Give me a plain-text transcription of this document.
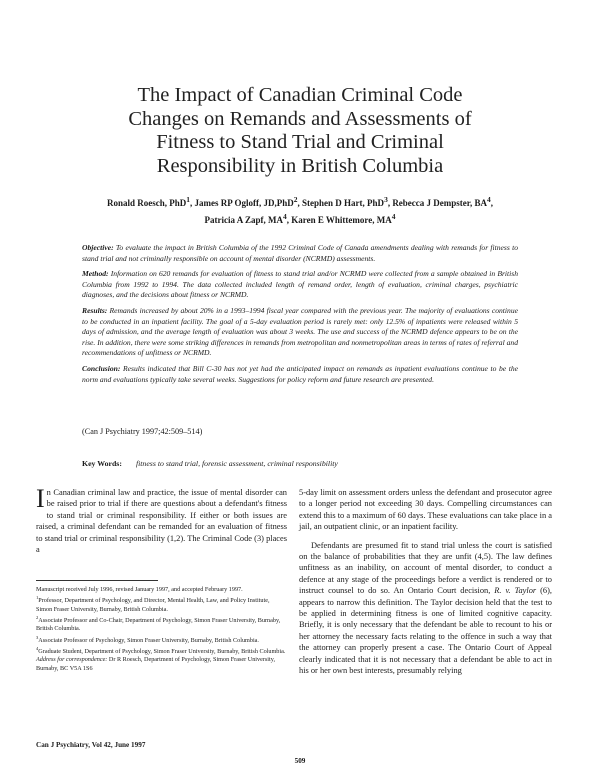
The Impact of Canadian Criminal Code
Changes on Remands and Assessments of
Fitness to Stand Trial and Criminal
Responsibility in British Columbia
Ronald Roesch, PhD$^1$, James RP Ogloff, JD,PhD$^2$, Stephen D Hart, PhD$^3$, Rebecca J Dempster, $BA^4$,
Patricia A Zapf, $MA^4$, Karen E Whittemore, $MA^4$

Objective: To evaluate the impact in British Columbia of the 1992 Criminal Code of Canada amendments dealing with remands for fitness to stand trial and not criminally responsible on account of mental disorder (NCRMD) assessments.

Method: Information on 620 remands for evaluation of fitness to stand trial and/or NCRMD were collected from a sample obtained in British Columbia from 1992 to 1994. The data collected included length of remand order, length of evaluation, criminal charges, psychiatric diagnoses, and the decisions about fitness or NCRMD.

Results: Remands increased by about 20% in a 1993–1994 fiscal year compared with the previous year. The majority of evaluations continue to be conducted in an inpatient facility. The goal of a 5-day evaluation period is rarely met: only 12.5% of inpatients were released within 5 days of admission, and the average length of evaluation was about 3 weeks. The use and success of the NCRMD defence appears to be on the rise. In addition, there were some striking differences in remands from metropolitan and nonmetropolitan areas in terms of rates of referral and recommendations of unfitness or NCRMD.

Conclusion: Results indicated that Bill C-30 has not yet had the anticipated impact on remands as inpatient evaluations continue to be the norm and evaluations typically take several weeks. Suggestions for policy reform and future research are presented.

(Can J Psychiatry 1997;42:509–514)
Key Words: fitness to stand trial, forensic assessment, criminal responsibility

In Canadian criminal law and practice, the issue of mental disorder can be raised prior to trial if there are questions about a defendant's fitness to stand trial or criminal responsibility. If either or both issues are raised, a criminal defendant can be remanded for an evaluation of fitness to stand trial or criminal responsibility (1,2). The Criminal Code (3) places a

Manuscript received July 1996, revised January 1997, and accepted February 1997.

$^1$Professor, Department of Psychology, and Director, Mental Health, Law, and Policy Institute, Simon Fraser University, Burnaby, British Columbia.

$^2$Associate Professor and Co-Chair, Department of Psychology, Simon Fraser University, Burnaby, British Columbia.

$^3$Associate Professor of Psychology, Simon Fraser University, Burnaby, British Columbia.

$^4$Graduate Student, Department of Psychology, Simon Fraser University, Burnaby, British Columbia.

Address for correspondence: Dr R Roesch, Department of Psychology, Simon Fraser University, Burnaby, BC V5A 1S6

Can J Psychiatry, Vol 42, June 1997
509

5-day limit on assessment orders unless the defendant and prosecutor agree to a longer period not exceeding 30 days. Compelling circumstances can extend this to a maximum of 60 days. These evaluations can take place in a jail, an outpatient clinic, or an inpatient facility.

Defendants are presumed fit to stand trial unless the court is satisfied on the balance of probabilities that they are unfit (4,5). The law defines unfitness as an inability, on account of mental disorder, to conduct a defence at any stage of the proceedings before a verdict is rendered or to instruct counsel to do so. An Ontario Court decision, R. v. Taylor (6), appears to narrow this definition. The Taylor decision held that the test to be applied in determining fitness is one of limited cognitive capacity. Briefly, it is only necessary that the defendant be able to recount to his or her attorney the necessary facts relating to the offence in such a way that the attorney can properly present a case. The Ontario Court of Appeal clearly indicated that it is not necessary that a defendant be able to act in his or her own best interests, presumably relying
